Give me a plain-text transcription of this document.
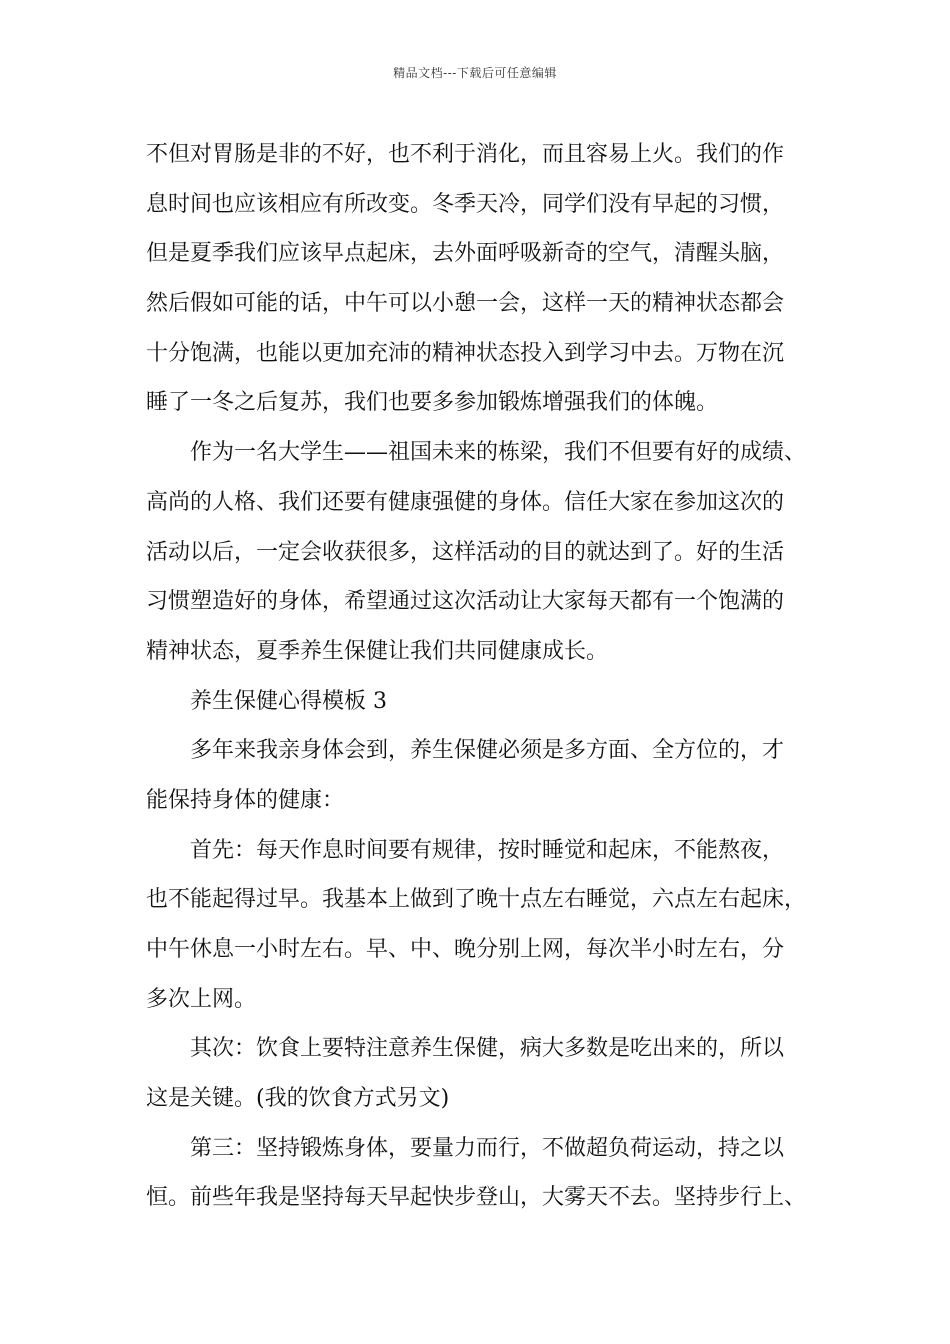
精品文档---下载后可任意编辑
不但对胃肠是非的不好，也不利于消化，而且容易上火。我们的作
息时间也应该相应有所改变。冬季天冷，同学们没有早起的习惯，
但是夏季我们应该早点起床，去外面呼吸新奇的空气，清醒头脑，
然后假如可能的话，中午可以小憩一会，这样一天的精神状态都会
十分饱满，也能以更加充沛的精神状态投入到学习中去。万物在沉
睡了一冬之后复苏，我们也要多参加锻炼增强我们的体魄。
作为一名大学生——祖国未来的栋梁，我们不但要有好的成绩、
高尚的人格、我们还要有健康强健的身体。信任大家在参加这次的
活动以后，一定会收获很多，这样活动的目的就达到了。好的生活
习惯塑造好的身体，希望通过这次活动让大家每天都有一个饱满的
精神状态，夏季养生保健让我们共同健康成长。
养生保健心得模板 3
多年来我亲身体会到，养生保健必须是多方面、全方位的，才
能保持身体的健康：
首先：每天作息时间要有规律，按时睡觉和起床，不能熬夜，
也不能起得过早。我基本上做到了晚十点左右睡觉，六点左右起床，
中午休息一小时左右。早、中、晚分别上网，每次半小时左右，分
多次上网。
其次：饮食上要特注意养生保健，病大多数是吃出来的，所以
这是关键。(我的饮食方式另文)
第三：坚持锻炼身体，要量力而行，不做超负荷运动，持之以
恒。前些年我是坚持每天早起快步登山，大雾天不去。坚持步行上、
